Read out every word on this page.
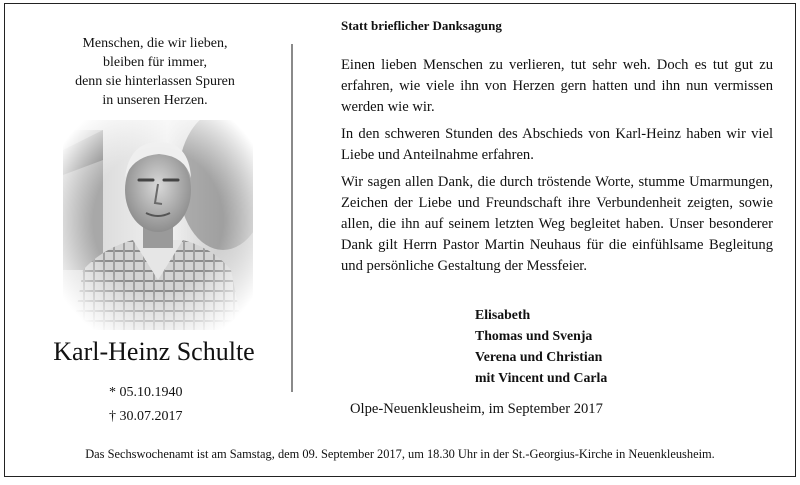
Menschen, die wir lieben,
bleiben für immer,
denn sie hinterlassen Spuren
in unseren Herzen.
Karl-Heinz Schulte
* 05.10.1940
† 30.07.2017
Statt brieflicher Danksagung

Einen lieben Menschen zu verlieren, tut sehr weh. Doch es tut gut zu erfahren, wie viele ihn von Herzen gern hatten und ihn nun vermissen werden wie wir.

In den schweren Stunden des Abschieds von Karl-Heinz haben wir viel Liebe und Anteilnahme erfahren.

Wir sagen allen Dank, die durch tröstende Worte, stumme Umarmungen, Zeichen der Liebe und Freundschaft ihre Verbundenheit zeigten, sowie allen, die ihn auf seinem letzten Weg begleitet haben. Unser besonderer Dank gilt Herrn Pastor Martin Neuhaus für die einfühlsame Begleitung und persönliche Gestaltung der Messfeier.

Elisabeth
Thomas und Svenja
Verena und Christian
mit Vincent und Carla
Olpe-Neuenkleusheim, im September 2017
Das Sechswochenamt ist am Samstag, dem 09. September 2017, um 18.30 Uhr in der St.-Georgius-Kirche in Neuenkleusheim.
